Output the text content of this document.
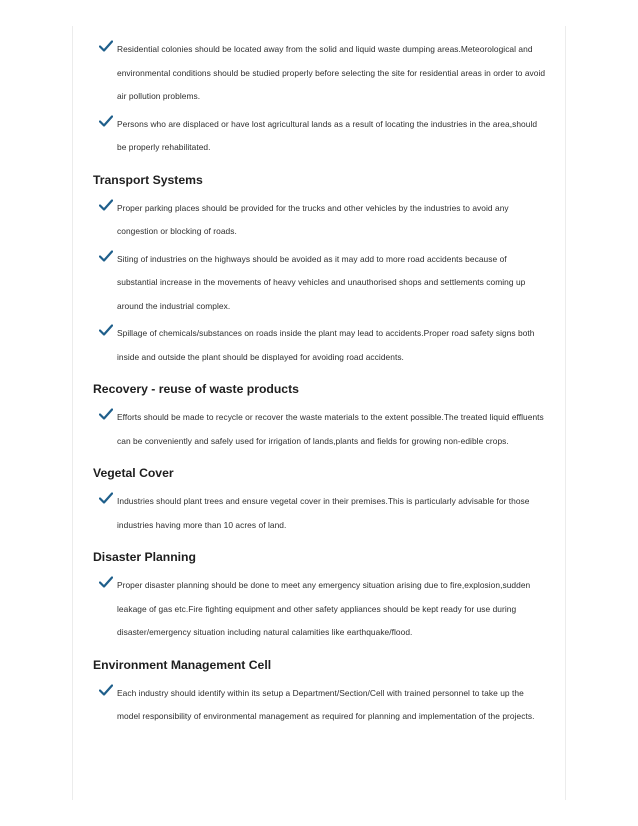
Residential colonies should be located away from the solid and liquid waste dumping areas.Meteorological and environmental conditions should be studied properly before selecting the site for residential areas in order to avoid air pollution problems.
Persons who are displaced or have lost agricultural lands as a result of locating the industries in the area,should be properly rehabilitated.
Transport Systems
Proper parking places should be provided for the trucks and other vehicles by the industries to avoid any congestion or blocking of roads.
Siting of industries on the highways should be avoided as it may add to more road accidents because of substantial increase in the movements of heavy vehicles and unauthorised shops and settlements coming up around the industrial complex.
Spillage of chemicals/substances on roads inside the plant may lead to accidents.Proper road safety signs both inside and outside the plant should be displayed for avoiding road accidents.
Recovery - reuse of waste products
Efforts should be made to recycle or recover the waste materials to the extent possible.The treated liquid effluents can be conveniently and safely used for irrigation of lands,plants and fields for growing non-edible crops.
Vegetal Cover
Industries should plant trees and ensure vegetal cover in their premises.This is particularly advisable for those industries having more than 10 acres of land.
Disaster Planning
Proper disaster planning should be done to meet any emergency situation arising due to fire,explosion,sudden leakage of gas etc.Fire fighting equipment and other safety appliances should be kept ready for use during disaster/emergency situation including natural calamities like earthquake/flood.
Environment Management Cell
Each industry should identify within its setup a Department/Section/Cell with trained personnel to take up the model responsibility of environmental management as required for planning and implementation of the projects.
